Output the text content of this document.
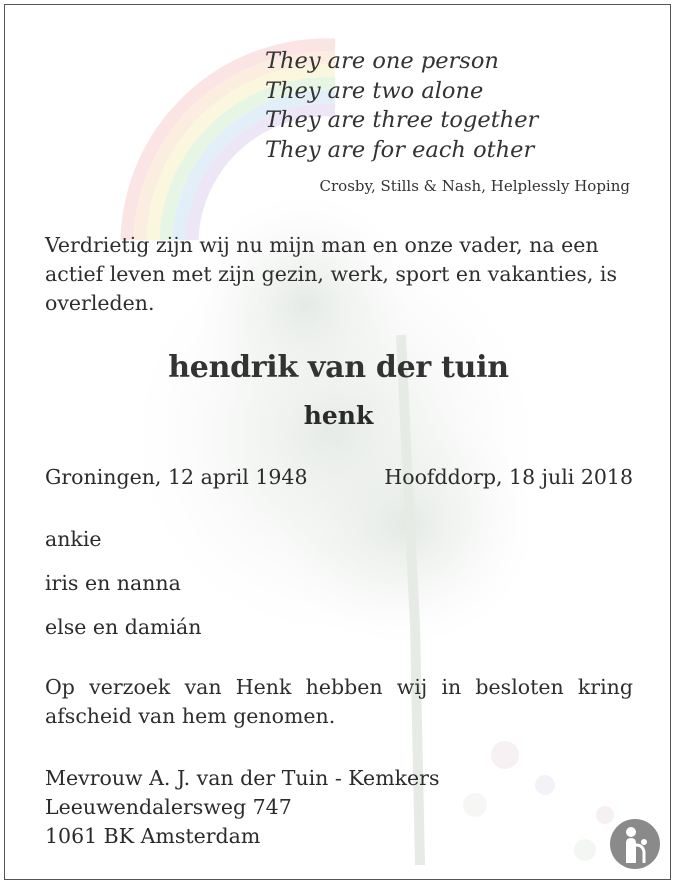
They are one person
They are two alone
They are three together
They are for each other
Crosby, Stills & Nash, Helplessly Hoping
Verdrietig zijn wij nu mijn man en onze vader, na een
actief leven met zijn gezin, werk, sport en vakanties, is
overleden.
hendrik van der tuin
henk
Groningen, 12 april 1948	Hoofddorp, 18 juli 2018
ankie
iris en nanna
else en damián
Op verzoek van Henk hebben wij in besloten kring
afscheid van hem genomen.
Mevrouw A. J. van der Tuin - Kemkers
Leeuwendalersweg 747
1061 BK Amsterdam
